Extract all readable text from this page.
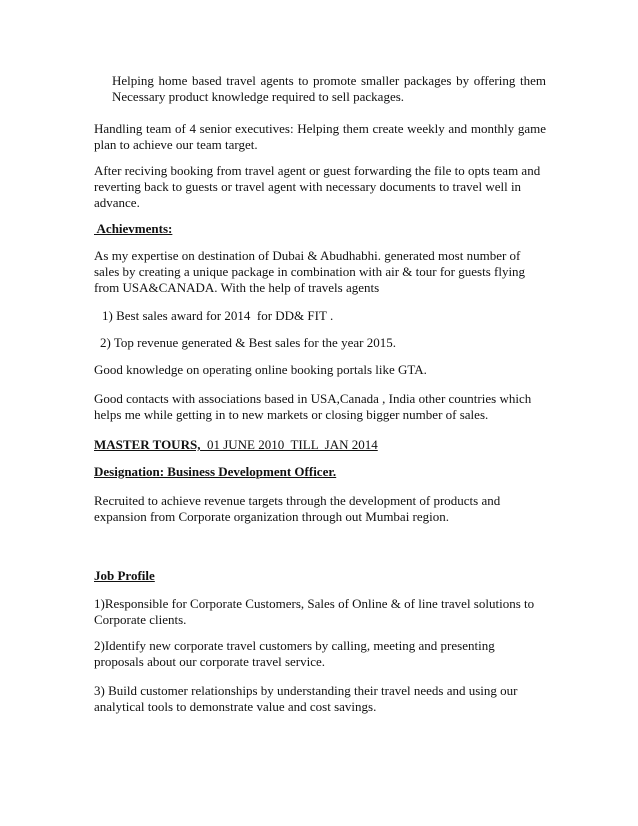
Helping home based travel agents to promote smaller packages by offering them Necessary product knowledge required to sell packages.

Handling team of 4 senior executives: Helping them create weekly and monthly game plan to achieve our team target.

After reciving booking from travel agent or guest forwarding the file to opts team and reverting back to guests or travel agent with necessary documents to travel well in advance.

Achievments:

As my expertise on destination of Dubai & Abudhabhi. generated most number of sales by creating a unique package in combination with air & tour for guests flying from USA&CANADA. With the help of travels agents

1) Best sales award for 2014  for DD& FIT .

2) Top revenue generated & Best sales for the year 2015.

Good knowledge on operating online booking portals like GTA.

Good contacts with associations based in USA,Canada , India other countries which helps me while getting in to new markets or closing bigger number of sales.

MASTER TOURS,  01 JUNE 2010  TILL  JAN 2014

Designation: Business Development Officer.

Recruited to achieve revenue targets through the development of products and expansion from Corporate organization through out Mumbai region.

Job Profile

1)Responsible for Corporate Customers, Sales of Online & of line travel solutions to Corporate clients.

2)Identify new corporate travel customers by calling, meeting and presenting proposals about our corporate travel service.

3) Build customer relationships by understanding their travel needs and using our analytical tools to demonstrate value and cost savings.
